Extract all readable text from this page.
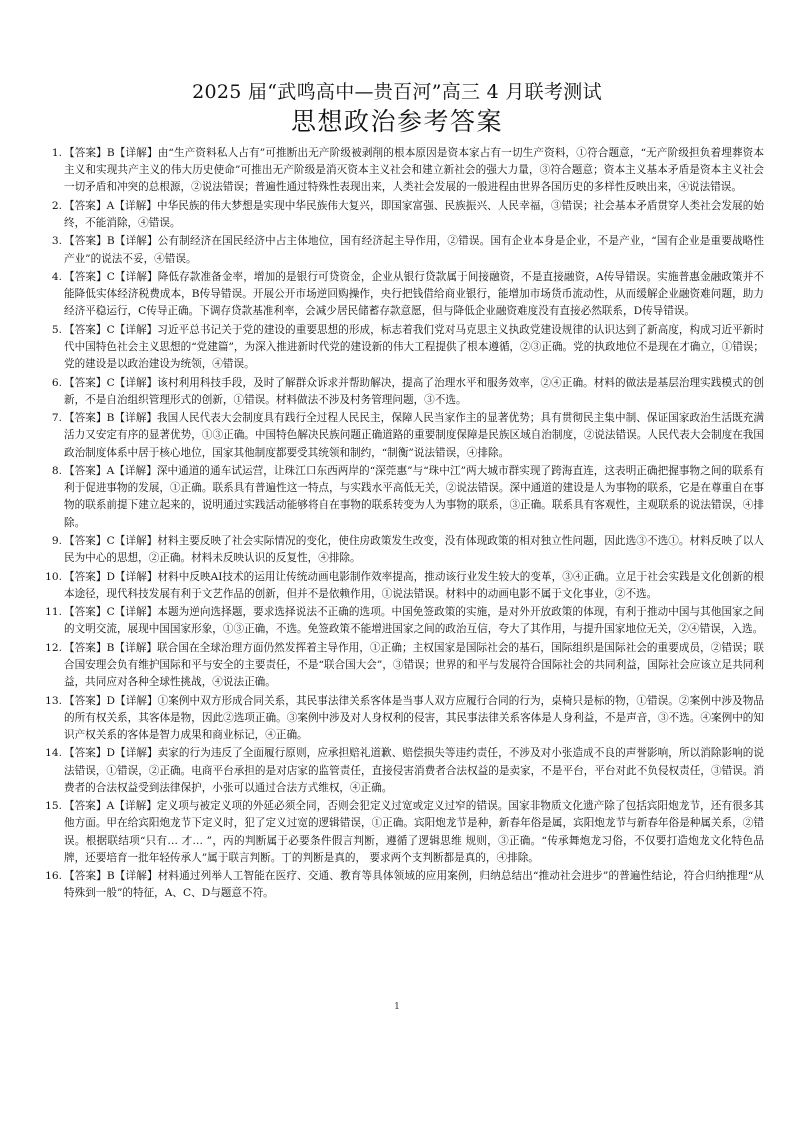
2025 届“武鸣高中—贵百河”高三 4 月联考测试
思想政治参考答案
1. 【答案】B【详解】由“生产资料私人占有”可推断出无产阶级被剥削的根本原因是资本家占有一切生产资料，①符合题意，“无产阶级担负着埋葬资本主义和实现共产主义的伟大历史使命”可推出无产阶级是消灭资本主义社会和建立新社会的强大力量，③符合题意；资本主义基本矛盾是资本主义社会一切矛盾和冲突的总根源，②说法错误；普遍性通过特殊性表现出来，人类社会发展的一般进程由世界各国历史的多样性反映出来，④说法错误。
2. 【答案】A【详解】中华民族的伟大梦想是实现中华民族伟大复兴，即国家富强、民族振兴、人民幸福，③错误；社会基本矛盾贯穿人类社会发展的始终，不能消除，④错误。
3. 【答案】B【详解】公有制经济在国民经济中占主体地位，国有经济起主导作用，②错误。国有企业本身是企业，不是产业，“国有企业是重要战略性产业”的说法不妥，④错误。
4. 【答案】C【详解】降低存款准备金率，增加的是银行可贷资金，企业从银行贷款属于间接融资，不是直接融资，A传导错误。实施普惠金融政策并不能降低实体经济税费成本，B传导错误。开展公开市场逆回购操作，央行把钱借给商业银行，能增加市场货币流动性，从而缓解企业融资难问题，助力经济平稳运行，C传导正确。下调存贷款基准利率，会减少居民储蓄存款意愿，但与降低企业融资难度没有直接必然联系，D传导错误。
5. 【答案】C【详解】习近平总书记关于党的建设的重要思想的形成，标志着我们党对马克思主义执政党建设规律的认识达到了新高度，构成习近平新时代中国特色社会主义思想的“党建篇”，为深入推进新时代党的建设新的伟大工程提供了根本遵循，②③正确。党的执政地位不是现在才确立，①错误；党的建设是以政治建设为统领，④错误。
6. 【答案】C【详解】该村利用科技手段，及时了解群众诉求并帮助解决，提高了治理水平和服务效率，②④正确。材料的做法是基层治理实践模式的创新，不是自治组织管理形式的创新，①错误。材料做法不涉及村务管理问题，③不选。
7. 【答案】B【详解】我国人民代表大会制度具有践行全过程人民民主，保障人民当家作主的显著优势；具有贯彻民主集中制、保证国家政治生活既充满活力又安定有序的显著优势，①③正确。中国特色解决民族问题正确道路的重要制度保障是民族区域自治制度，②说法错误。人民代表大会制度在我国政治制度体系中居于核心地位，国家其他制度都要受其统领和制约，“制衡”说法错误，④排除。
8. 【答案】A【详解】深中通道的通车试运营，让珠江口东西两岸的“深莞惠”与“珠中江”两大城市群实现了跨海直连，这表明正确把握事物之间的联系有利于促进事物的发展，①正确。联系具有普遍性这一特点，与实践水平高低无关，②说法错误。深中通道的建设是人为事物的联系，它是在尊重自在事物的联系前提下建立起来的，说明通过实践活动能够将自在事物的联系转变为人为事物的联系，③正确。联系具有客观性，主观联系的说法错误，④排除。
9. 【答案】C【详解】材料主要反映了社会实际情况的变化，使住房政策发生改变，没有体现政策的相对独立性问题，因此选③不选①。材料反映了以人民为中心的思想，②正确。材料未反映认识的反复性，④排除。
10. 【答案】D【详解】材料中反映AI技术的运用让传统动画电影制作效率提高，推动该行业发生较大的变革，③④正确。立足于社会实践是文化创新的根本途径，现代科技发展有利于文艺作品的创新，但并不是依赖作用，①说法错误。材料中的动画电影不属于文化事业，②不选。
11. 【答案】C【详解】本题为逆向选择题，要求选择说法不正确的选项。中国免签政策的实施，是对外开放政策的体现，有利于推动中国与其他国家之间的文明交流，展现中国国家形象，①③正确，不选。免签政策不能增进国家之间的政治互信，夸大了其作用，与提升国家地位无关，②④错误，入选。
12. 【答案】B【详解】联合国在全球治理方面仍然发挥着主导作用，①正确；主权国家是国际社会的基石，国际组织是国际社会的重要成员，②错误；联合国安理会负有维护国际和平与安全的主要责任，不是“联合国大会”，③错误；世界的和平与发展符合国际社会的共同利益，国际社会应该立足共同利益，共同应对各种全球性挑战，④说法正确。
13. 【答案】D【详解】①案例中双方形成合同关系，其民事法律关系客体是当事人双方应履行合同的行为，桌椅只是标的物，①错误。②案例中涉及物品的所有权关系，其客体是物，因此②选项正确。③案例中涉及对人身权利的侵害，其民事法律关系客体是人身利益，不是声音，③不选。④案例中的知识产权关系的客体是智力成果和商业标记，④正确。
14. 【答案】D【详解】卖家的行为违反了全面履行原则，应承担赔礼道歉、赔偿损失等违约责任，不涉及对小张造成不良的声誉影响，所以消除影响的说法错误，①错误，②正确。电商平台承担的是对店家的监管责任，直接侵害消费者合法权益的是卖家，不是平台，平台对此不负侵权责任，③错误。消费者的合法权益受到法律保护，小张可以通过合法方式维权，④正确。
15. 【答案】A【详解】定义项与被定义项的外延必须全同，否则会犯定义过宽或定义过窄的错误。国家非物质文化遗产除了包括宾阳炮龙节，还有很多其他方面。甲在给宾阳炮龙节下定义时，犯了定义过宽的逻辑错误，①正确。宾阳炮龙节是种，新春年俗是属，宾阳炮龙节与新春年俗是种属关系，②错误。根据联结项“只有… 才… ”，丙的判断属于必要条件假言判断，遵循了逻辑思维 规则，③正确。“传承舞炮龙习俗，不仅要打造炮龙文化特色品牌，还要培育一批年轻传承人”属于联言判断。丁的判断是真的， 要求两个支判断都是真的，④排除。
16. 【答案】B【详解】材料通过列举人工智能在医疗、交通、教育等具体领域的应用案例，归纳总结出“推动社会进步”的普遍性结论，符合归纳推理“从特殊到一般”的特征，A、C、D与题意不符。
1
